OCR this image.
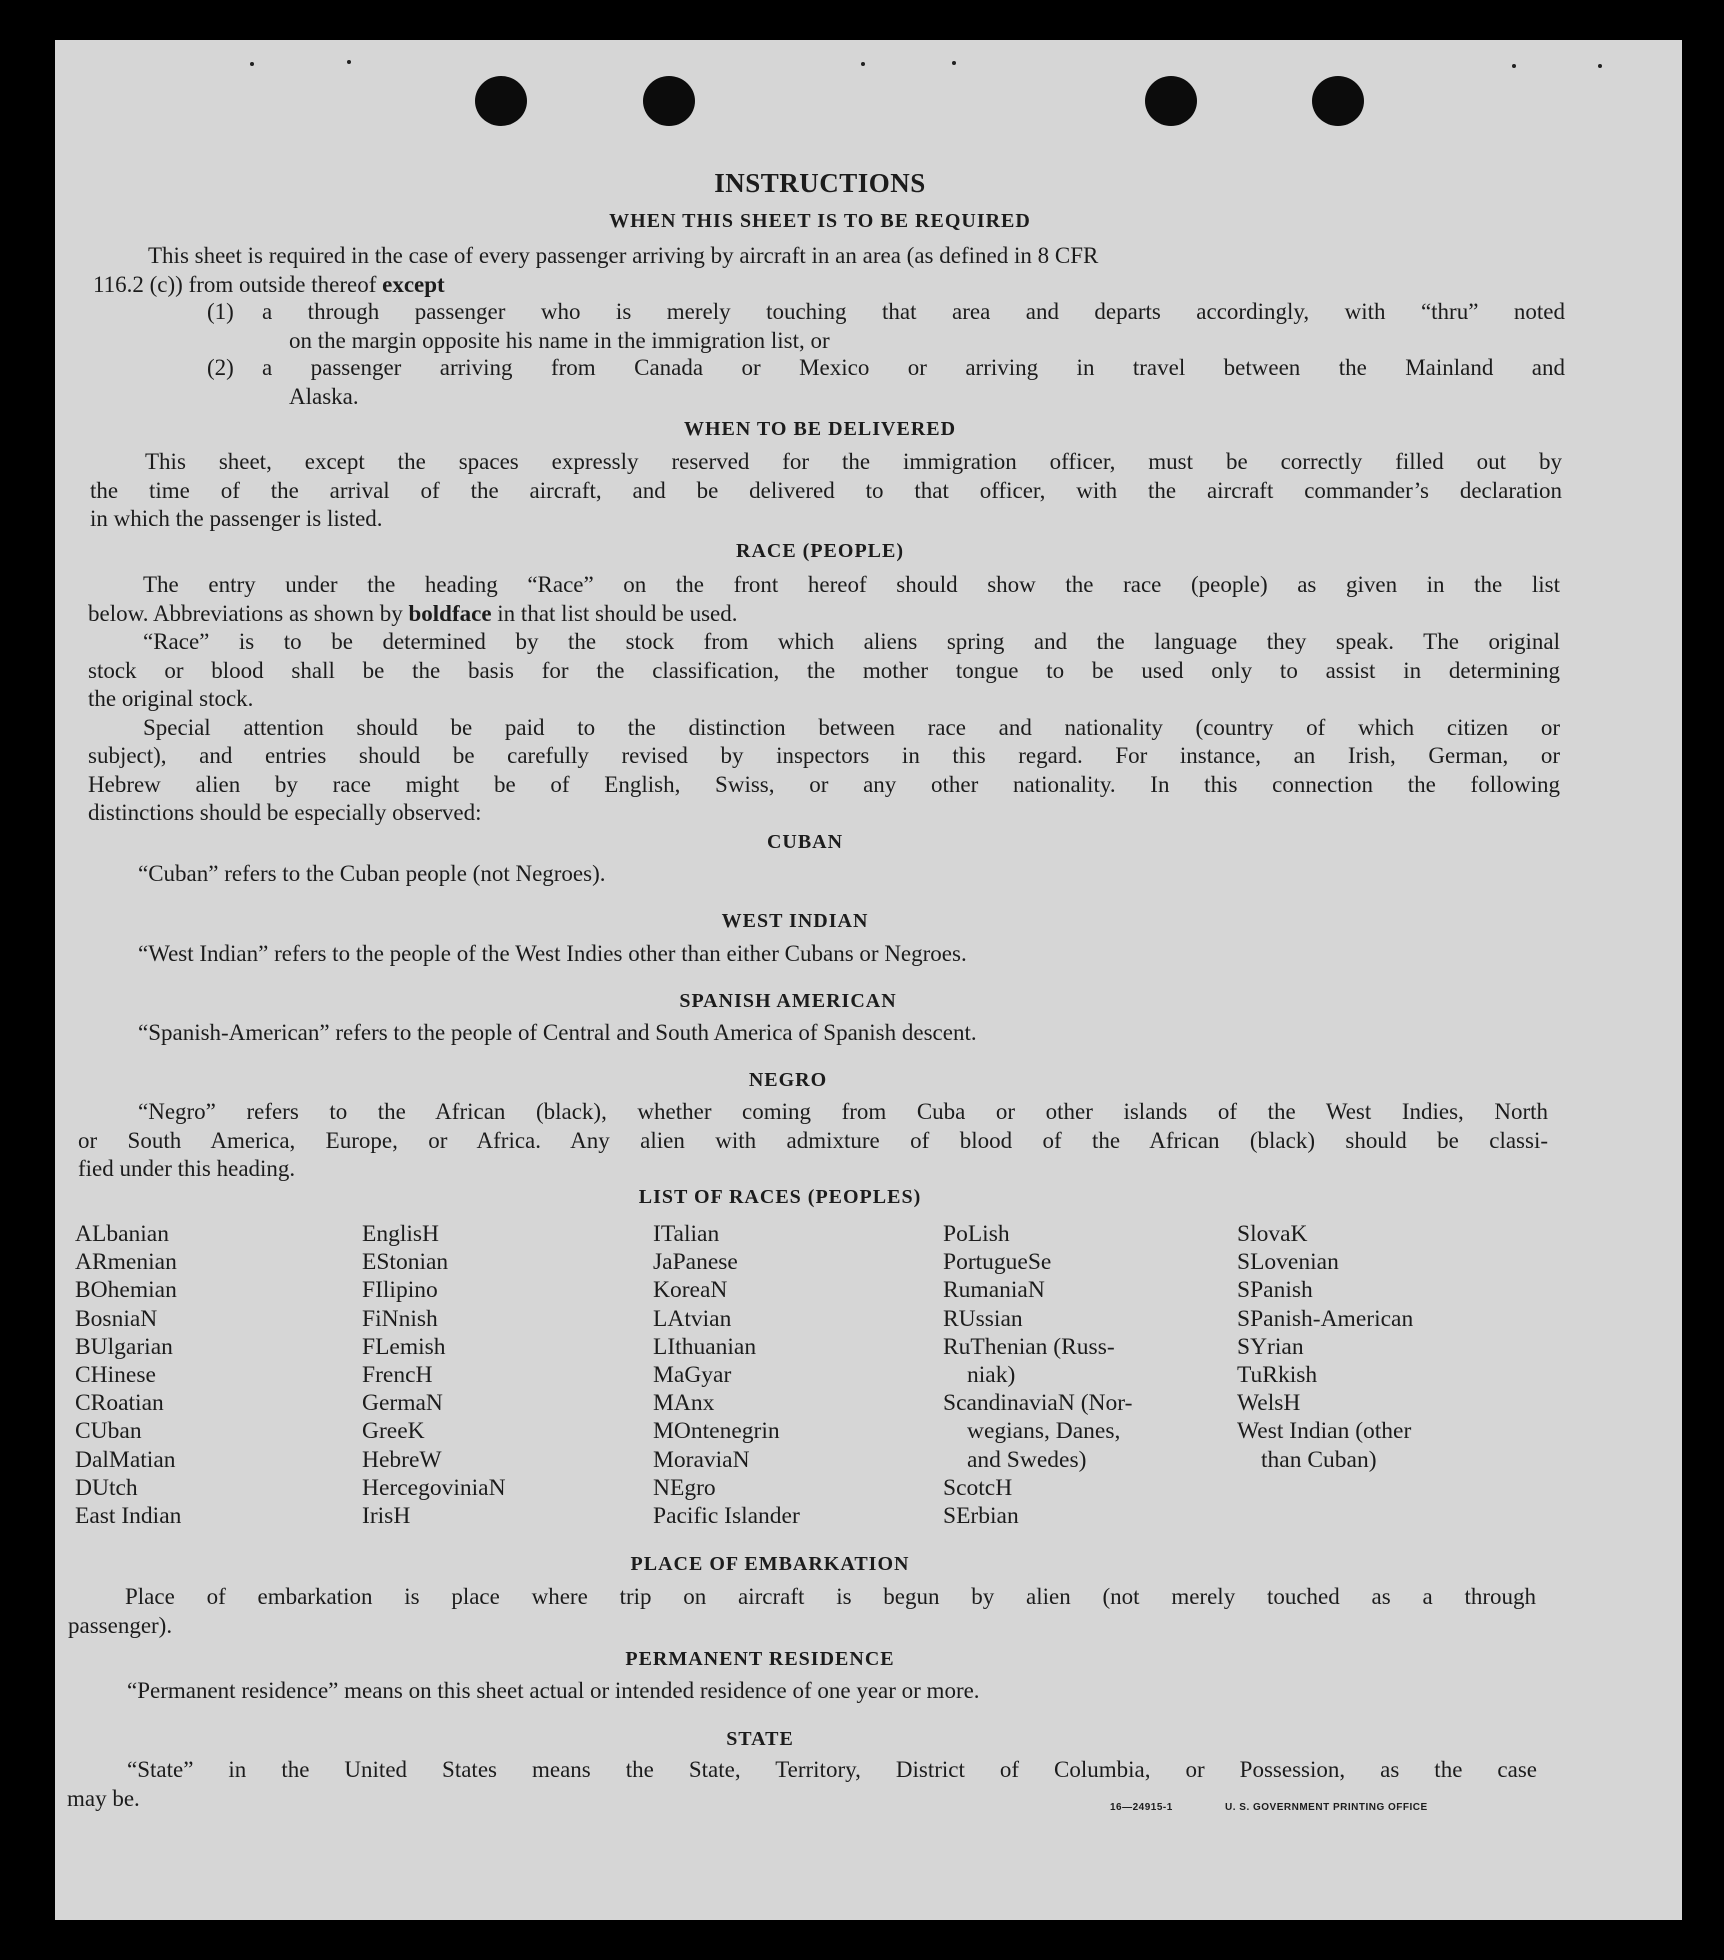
INSTRUCTIONS
WHEN THIS SHEET IS TO BE REQUIRED
This sheet is required in the case of every passenger arriving by aircraft in an area (as defined in 8 CFR
116.2 (c)) from outside thereof except
(1) a through passenger who is merely touching that area and departs accordingly, with “thru” noted
on the margin opposite his name in the immigration list, or
(2) a passenger arriving from Canada or Mexico or arriving in travel between the Mainland and
Alaska.
WHEN TO BE DELIVERED
This sheet, except the spaces expressly reserved for the immigration officer, must be correctly filled out by
the time of the arrival of the aircraft, and be delivered to that officer, with the aircraft commander’s declaration
in which the passenger is listed.
RACE (PEOPLE)
The entry under the heading “Race” on the front hereof should show the race (people) as given in the list
below. Abbreviations as shown by boldface in that list should be used.
“Race” is to be determined by the stock from which aliens spring and the language they speak. The original
stock or blood shall be the basis for the classification, the mother tongue to be used only to assist in determining
the original stock.
Special attention should be paid to the distinction between race and nationality (country of which citizen or
subject), and entries should be carefully revised by inspectors in this regard. For instance, an Irish, German, or
Hebrew alien by race might be of English, Swiss, or any other nationality. In this connection the following
distinctions should be especially observed:
CUBAN
“Cuban” refers to the Cuban people (not Negroes).
WEST INDIAN
“West Indian” refers to the people of the West Indies other than either Cubans or Negroes.
SPANISH AMERICAN
“Spanish-American” refers to the people of Central and South America of Spanish descent.
NEGRO
“Negro” refers to the African (black), whether coming from Cuba or other islands of the West Indies, North
or South America, Europe, or Africa. Any alien with admixture of blood of the African (black) should be classi-
fied under this heading.
LIST OF RACES (PEOPLES)
ALbanian
ARmenian
BOhemian
BosniaN
BUlgarian
CHinese
CRoatian
CUban
DalMatian
DUtch
East Indian
EnglisH
EStonian
FIlipino
FiNnish
FLemish
FrencH
GermaN
GreeK
HebreW
HercegoviniaN
IrisH
ITalian
JaPanese
KoreaN
LAtvian
LIthuanian
MaGyar
MAnx
MOntenegrin
MoraviaN
NEgro
Pacific Islander
PoLish
PortugueSe
RumaniaN
RUssian
RuThenian (Russ-
niak)
ScandinaviaN (Nor-
wegians, Danes,
and Swedes)
ScotcH
SErbian
SlovaK
SLovenian
SPanish
SPanish-American
SYrian
TuRkish
WelsH
West Indian (other
than Cuban)
PLACE OF EMBARKATION
Place of embarkation is place where trip on aircraft is begun by alien (not merely touched as a through
passenger).
PERMANENT RESIDENCE
“Permanent residence” means on this sheet actual or intended residence of one year or more.
STATE
“State” in the United States means the State, Territory, District of Columbia, or Possession, as the case
may be.	16—24915-1	U. S. GOVERNMENT PRINTING OFFICE
